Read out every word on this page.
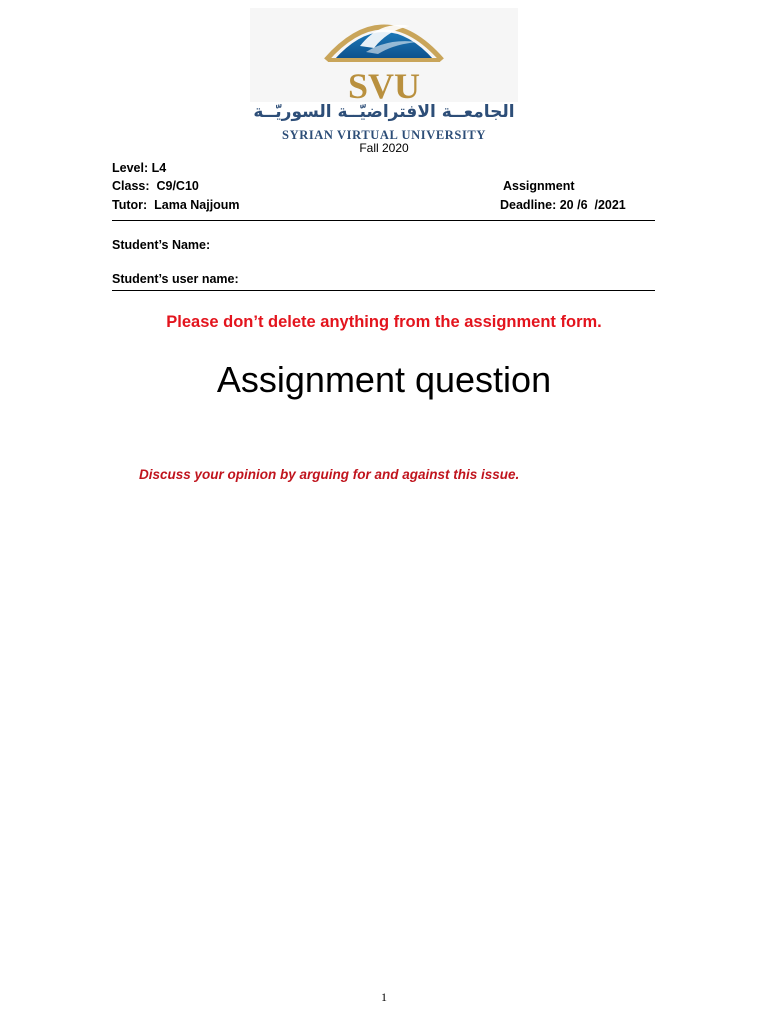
SVU
الجامعــة الافتراضيّــة السوريّــة
SYRIAN VIRTUAL UNIVERSITY
Fall 2020
Level: L4
Class:  C9/C10
Tutor:  Lama Najjoum
Assignment
Deadline: 20 /6  /2021
Student’s Name:
Student’s user name:
Please don’t delete anything from the assignment form.
Assignment question
Discuss your opinion by arguing for and against this issue.
1
